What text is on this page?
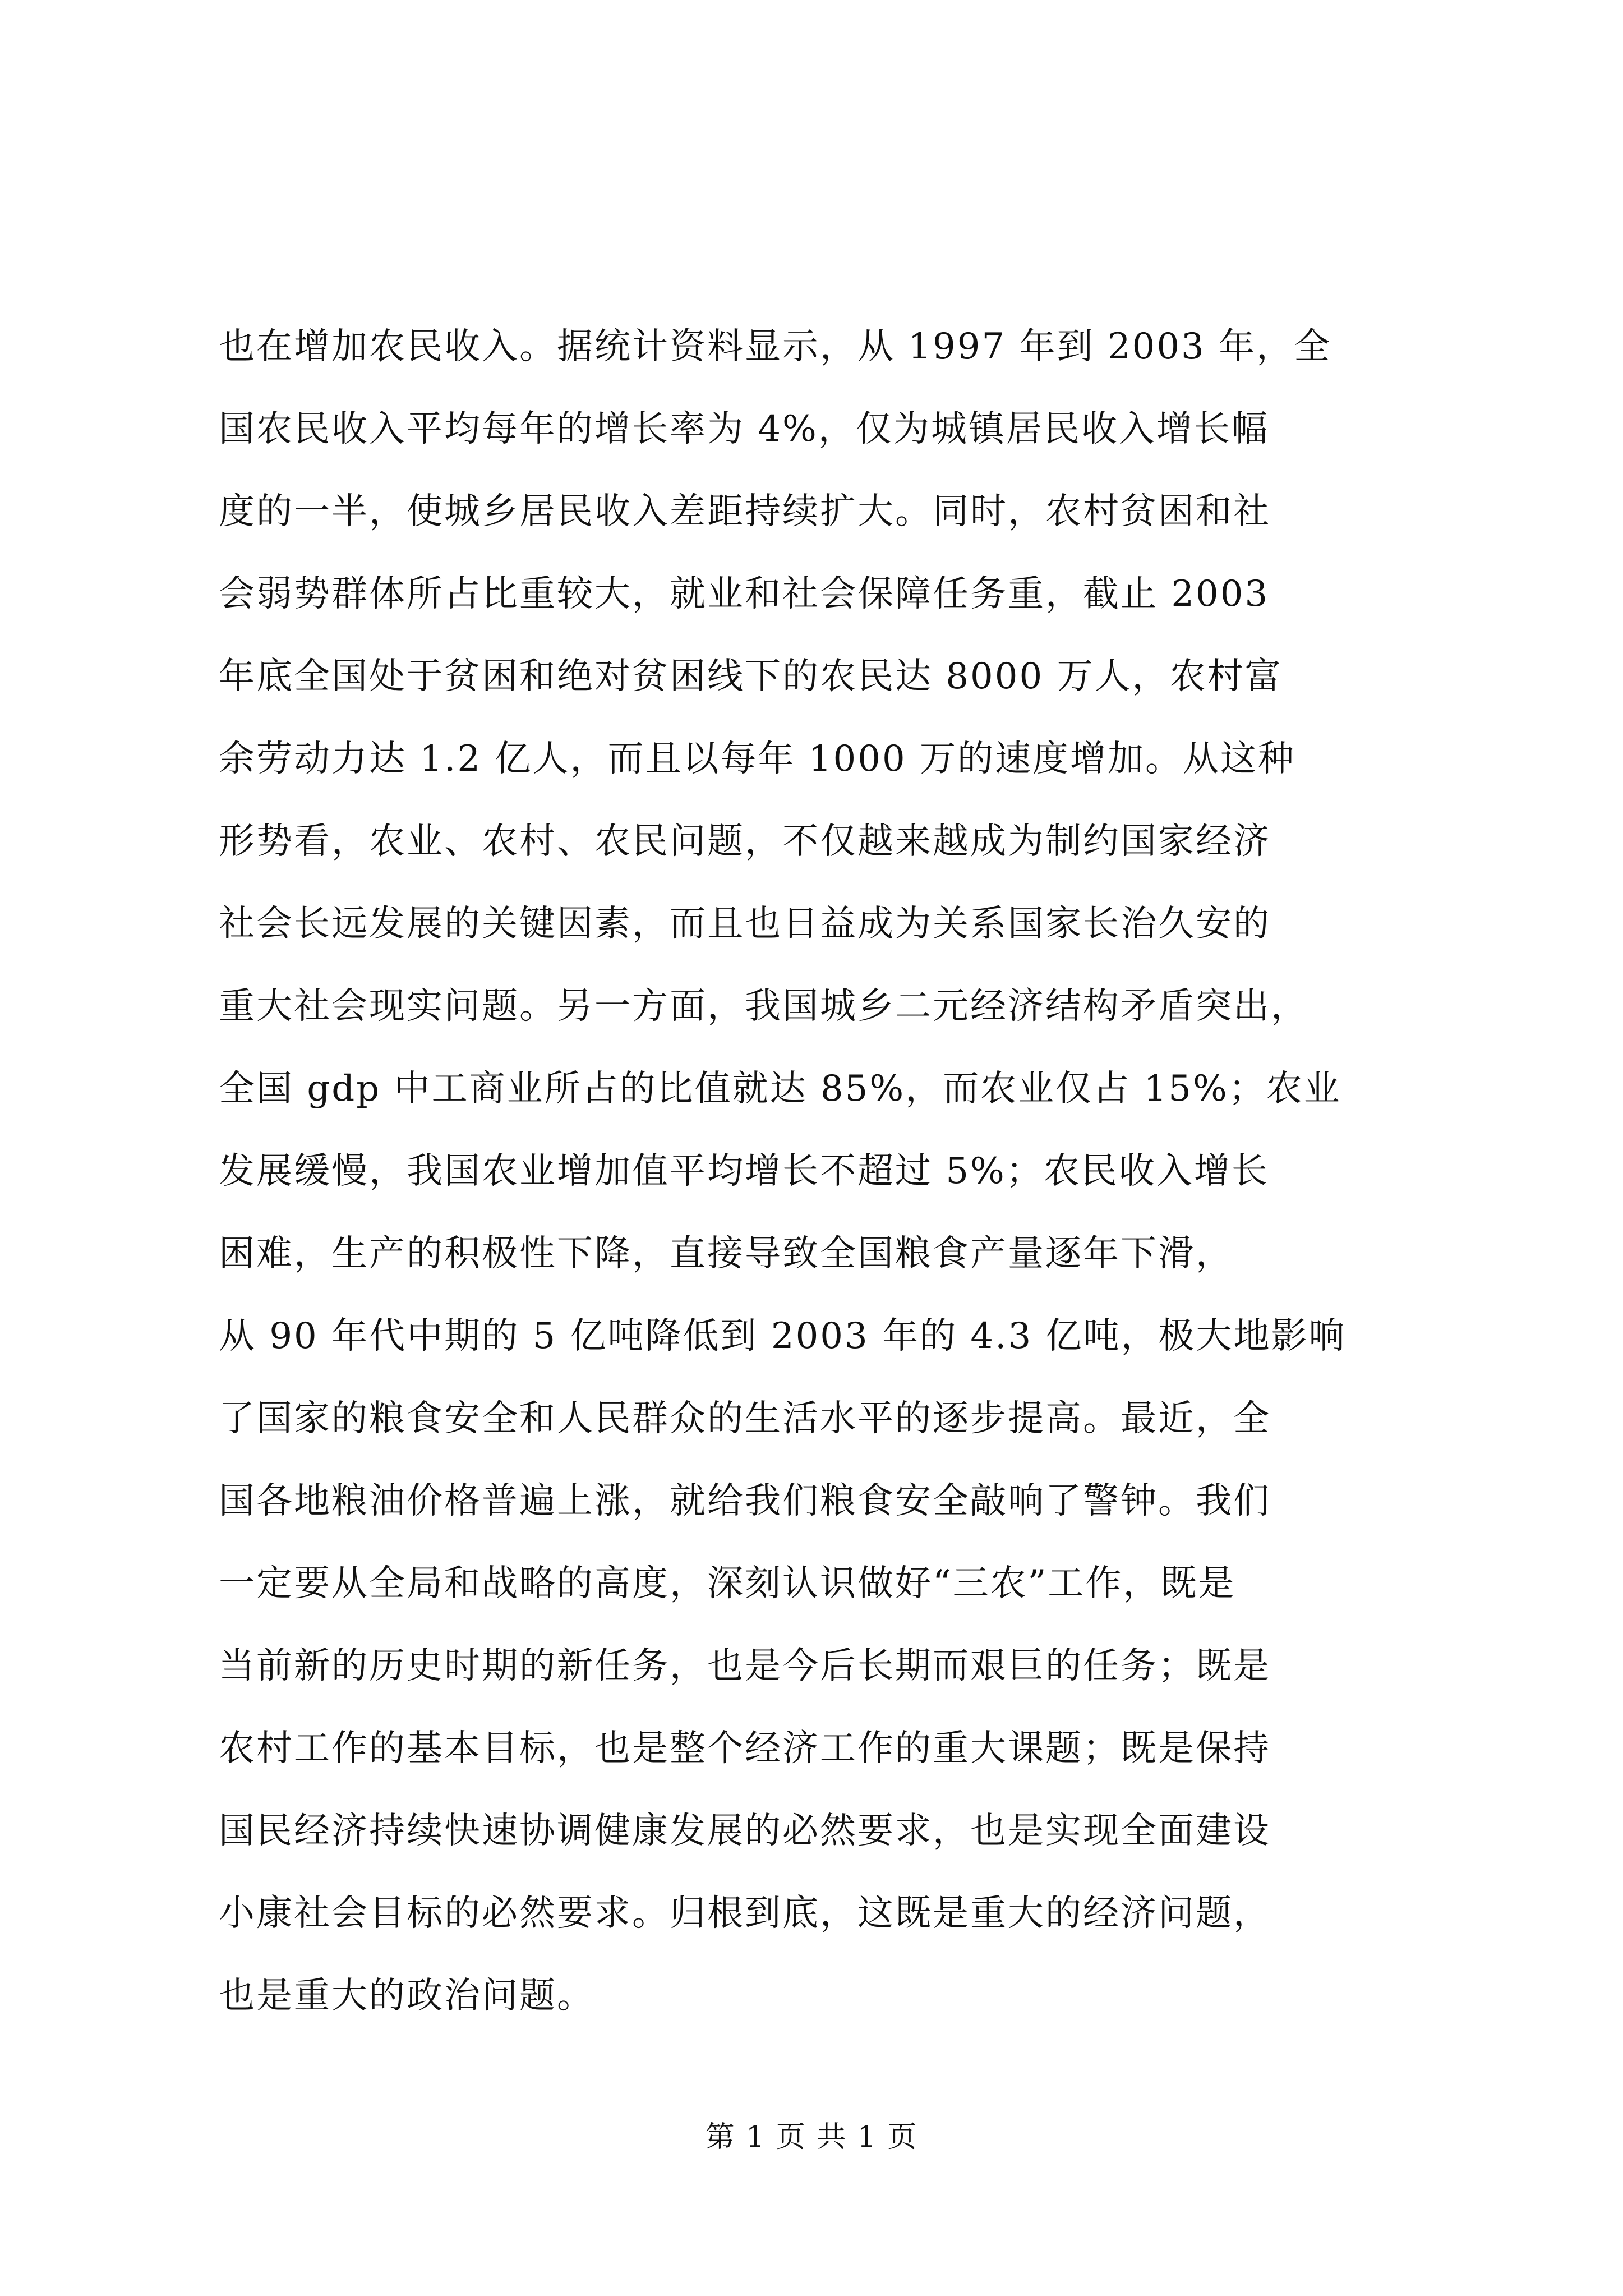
也在增加农民收入。据统计资料显示，从 1997 年到 2003 年，全
国农民收入平均每年的增长率为 4%，仅为城镇居民收入增长幅
度的一半，使城乡居民收入差距持续扩大。同时，农村贫困和社
会弱势群体所占比重较大，就业和社会保障任务重，截止 2003
年底全国处于贫困和绝对贫困线下的农民达 8000 万人，农村富
余劳动力达 1.2 亿人，而且以每年 1000 万的速度增加。从这种
形势看，农业、农村、农民问题，不仅越来越成为制约国家经济
社会长远发展的关键因素，而且也日益成为关系国家长治久安的
重大社会现实问题。另一方面，我国城乡二元经济结构矛盾突出，
全国 gdp 中工商业所占的比值就达 85%，而农业仅占 15%；农业
发展缓慢，我国农业增加值平均增长不超过 5%；农民收入增长
困难，生产的积极性下降，直接导致全国粮食产量逐年下滑，
从 90 年代中期的 5 亿吨降低到 2003 年的 4.3 亿吨，极大地影响
了国家的粮食安全和人民群众的生活水平的逐步提高。最近，全
国各地粮油价格普遍上涨，就给我们粮食安全敲响了警钟。我们
一定要从全局和战略的高度，深刻认识做好“三农”工作，既是
当前新的历史时期的新任务，也是今后长期而艰巨的任务；既是
农村工作的基本目标，也是整个经济工作的重大课题；既是保持
国民经济持续快速协调健康发展的必然要求，也是实现全面建设
小康社会目标的必然要求。归根到底，这既是重大的经济问题，
也是重大的政治问题。
第 1 页 共 1 页
